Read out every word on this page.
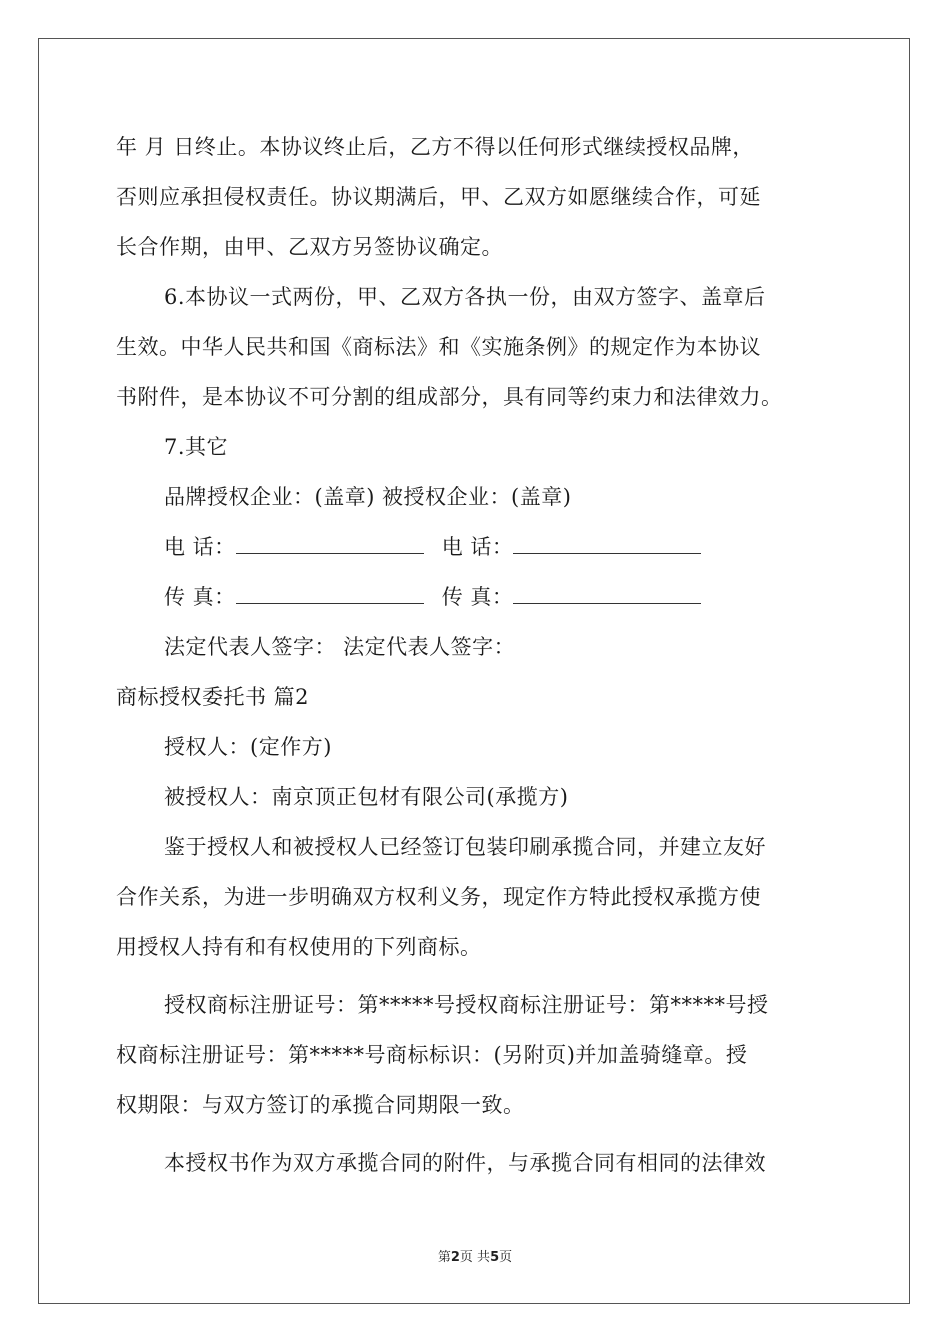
年 月 日终止。本协议终止后，乙方不得以任何形式继续授权品牌，

否则应承担侵权责任。协议期满后，甲、乙双方如愿继续合作，可延

长合作期，由甲、乙双方另签协议确定。

6.本协议一式两份，甲、乙双方各执一份，由双方签字、盖章后

生效。中华人民共和国《商标法》和《实施条例》的规定作为本协议

书附件，是本协议不可分割的组成部分，具有同等约束力和法律效力。

7.其它

品牌授权企业：(盖章) 被授权企业：(盖章)

电 话：	电 话：

传 真：	传 真：

法定代表人签字： 法定代表人签字：

商标授权委托书 篇2

授权人：(定作方)

被授权人：南京顶正包材有限公司(承揽方)

鉴于授权人和被授权人已经签订包装印刷承揽合同，并建立友好

合作关系，为进一步明确双方权利义务，现定作方特此授权承揽方使

用授权人持有和有权使用的下列商标。

授权商标注册证号：第*****号授权商标注册证号：第*****号授

权商标注册证号：第*****号商标标识：(另附页)并加盖骑缝章。授

权期限：与双方签订的承揽合同期限一致。

本授权书作为双方承揽合同的附件，与承揽合同有相同的法律效

第2页 共5页
